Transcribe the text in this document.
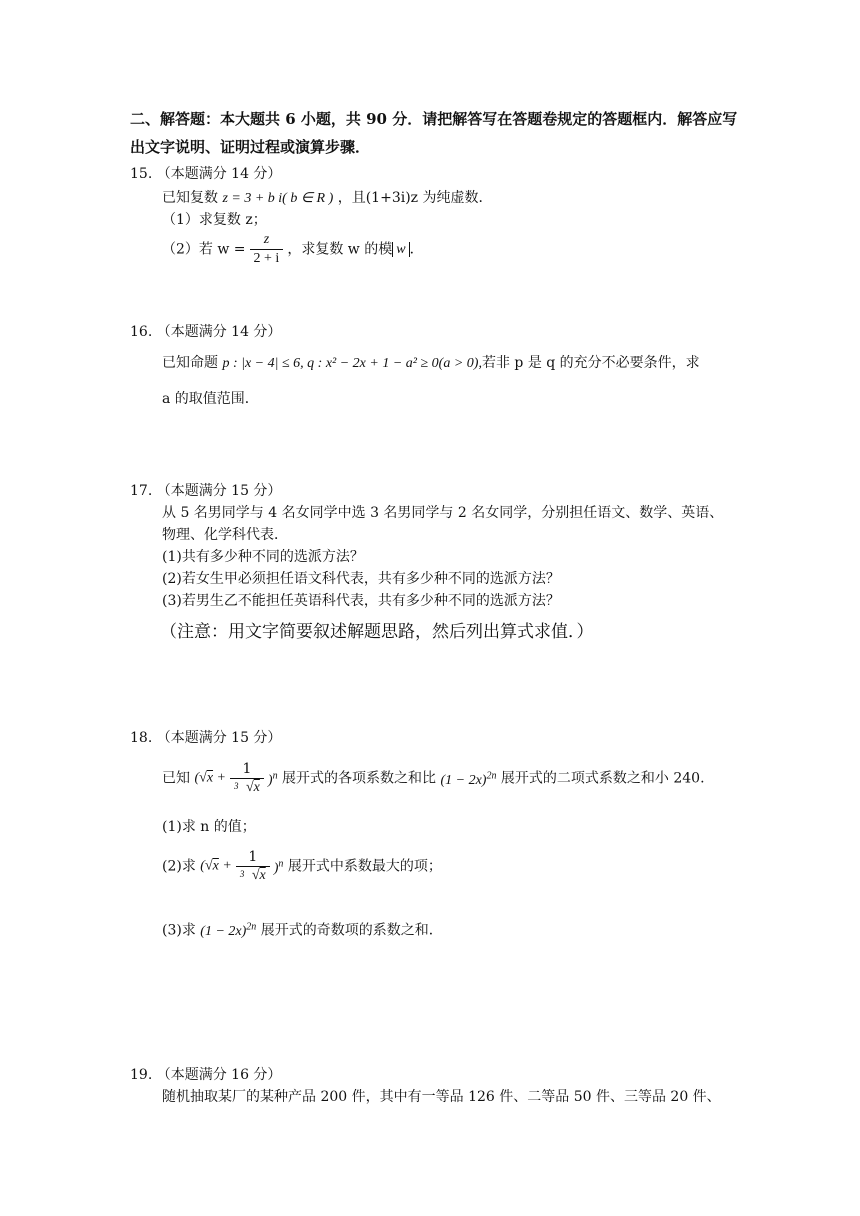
二、解答题：本大题共 6 小题，共 90 分．请把解答写在答题卷规定的答题框内．解答应写
出文字说明、证明过程或演算步骤．
15. （本题满分 14 分）
已知复数 z = 3 + b i( b ∈ R ) ，且(1+3i)z 为纯虚数．
（1）求复数 z；
（2）若 $w = \frac{z}{2 + i}$ ，求复数 w 的模 w ．
16. （本题满分 14 分）
已知命题 p : |x − 4| ≤ 6, q : x² − 2x + 1 − a² ≥ 0(a > 0),若非 p 是 q 的充分不必要条件，求
a 的取值范围．
17. （本题满分 15 分）
从 5 名男同学与 4 名女同学中选 3 名男同学与 2 名女同学，分别担任语文、数学、英语、
物理、化学科代表．
(1)共有多少种不同的选派方法？
(2)若女生甲必须担任语文科代表，共有多少种不同的选派方法？
(3)若男生乙不能担任英语科代表，共有多少种不同的选派方法？
（注意：用文字简要叙述解题思路，然后列出算式求值．）
18. （本题满分 15 分）
已知 $(√x + \frac{1}{3 √x} )^n$ 展开式的各项系数之和比 $(1 - 2x)^{2n}$ 展开式的二项式系数之和小 240.
(1)求 n 的值；
(2)求 $(√x + \frac{1}{3 √x} )^n$ 展开式中系数最大的项；
(3)求 $(1 - 2x)^{2n}$ 展开式的奇数项的系数之和．
19. （本题满分 16 分）
随机抽取某厂的某种产品 200 件，其中有一等品 126 件、二等品 50 件、三等品 20 件、
